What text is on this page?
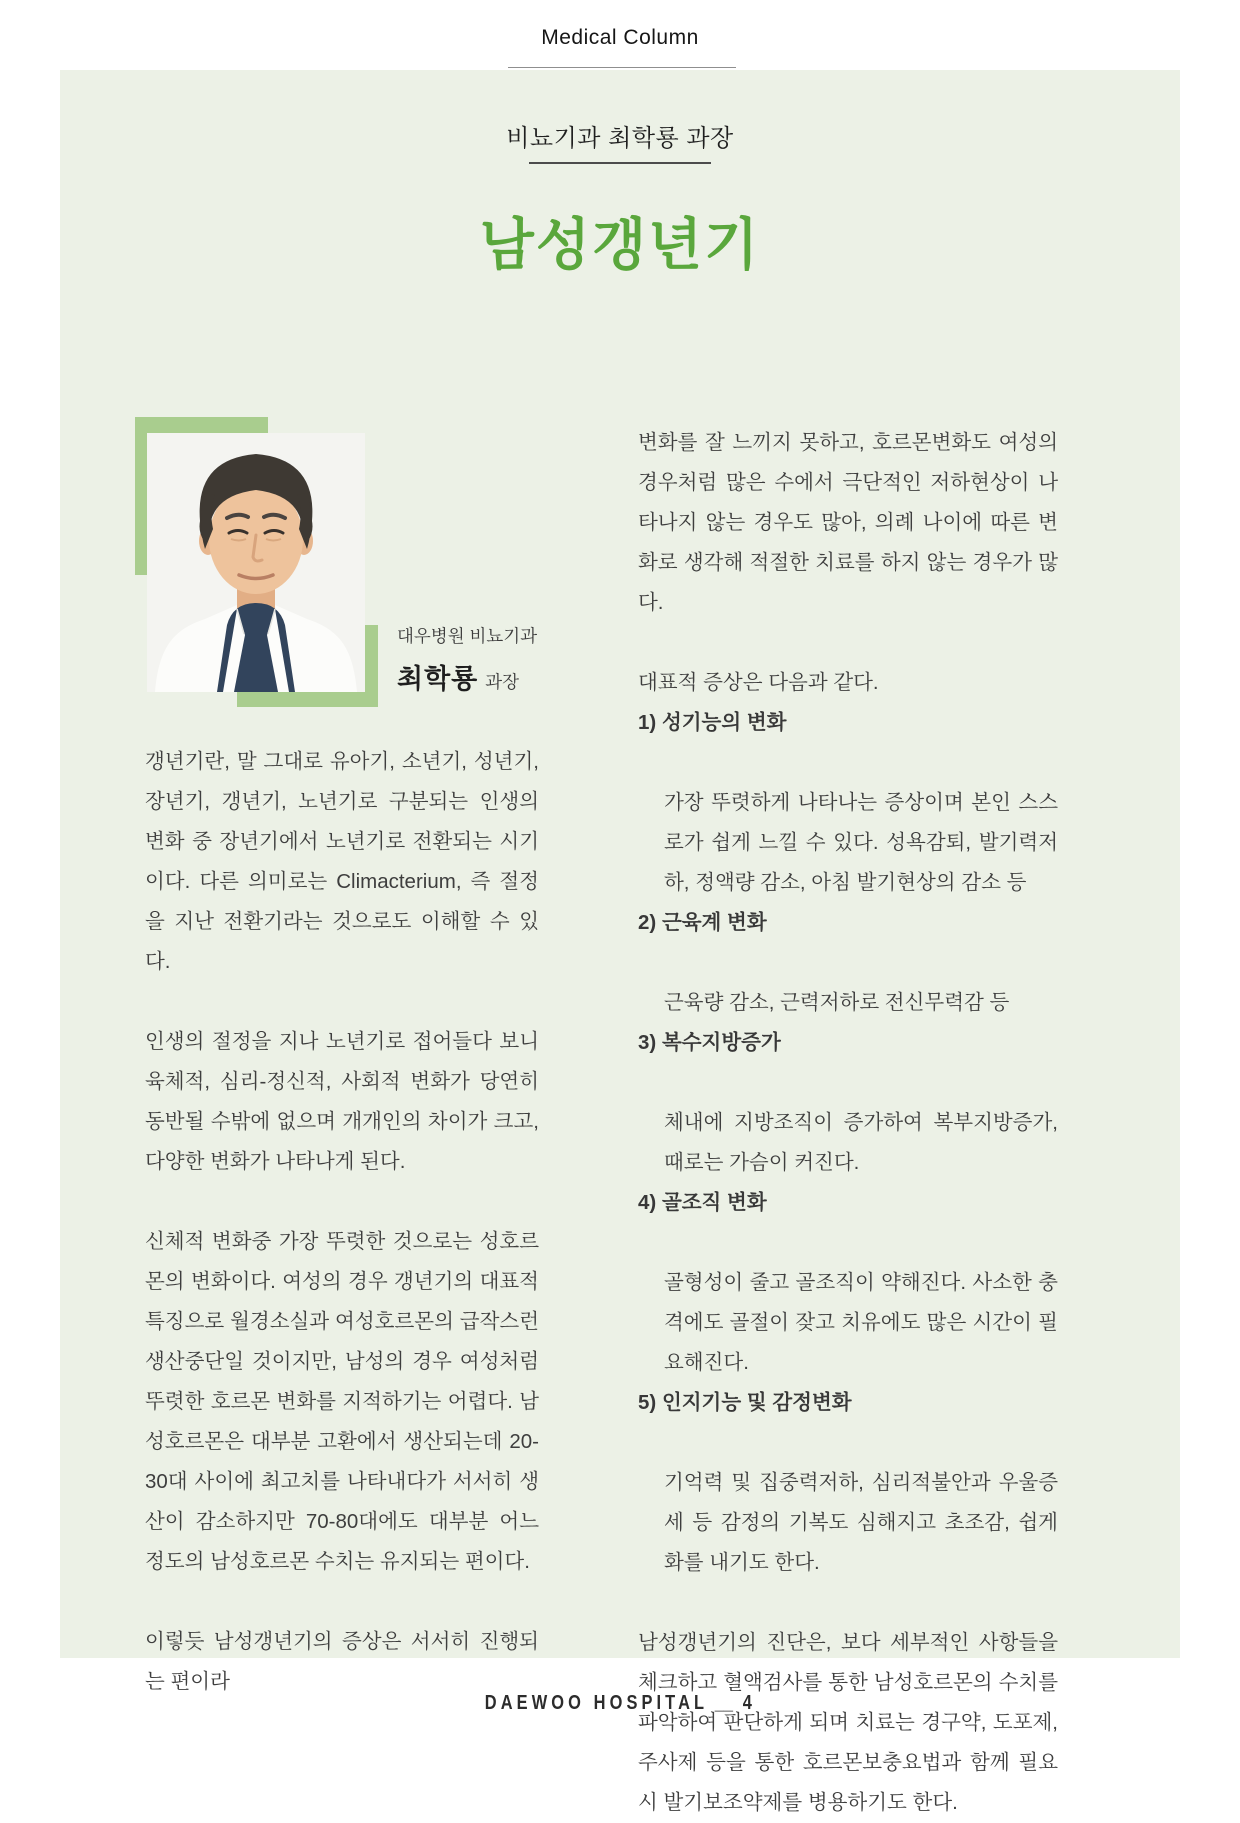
Medical Column
비뇨기과 최학룡 과장
남성갱년기

대우병원 비뇨기과

최학룡 과장

갱년기란, 말 그대로 유아기, 소년기, 성년기, 장년기, 갱년기, 노년기로 구분되는 인생의 변화 중 장년기에서 노년기로 전환되는 시기이다. 다른 의미로는 Climacterium, 즉 절정을 지난 전환기라는 것으로도 이해할 수 있다.

인생의 절정을 지나 노년기로 접어들다 보니 육체적, 심리-정신적, 사회적 변화가 당연히 동반될 수밖에 없으며 개개인의 차이가 크고, 다양한 변화가 나타나게 된다.

신체적 변화중 가장 뚜렷한 것으로는 성호르몬의 변화이다. 여성의 경우 갱년기의 대표적 특징으로 월경소실과 여성호르몬의 급작스런 생산중단일 것이지만, 남성의 경우 여성처럼 뚜렷한 호르몬 변화를 지적하기는 어렵다. 남성호르몬은 대부분 고환에서 생산되는데 20-30대 사이에 최고치를 나타내다가 서서히 생산이 감소하지만 70-80대에도 대부분 어느 정도의 남성호르몬 수치는 유지되는 편이다.

이렇듯 남성갱년기의 증상은 서서히 진행되는 편이라

변화를 잘 느끼지 못하고, 호르몬변화도 여성의 경우처럼 많은 수에서 극단적인 저하현상이 나타나지 않는 경우도 많아, 의례 나이에 따른 변화로 생각해 적절한 치료를 하지 않는 경우가 많다.

대표적 증상은 다음과 같다.

1) 성기능의 변화

가장 뚜렷하게 나타나는 증상이며 본인 스스로가 쉽게 느낄 수 있다. 성욕감퇴, 발기력저하, 정액량 감소, 아침 발기현상의 감소 등

2) 근육계 변화

근육량 감소, 근력저하로 전신무력감 등

3) 복수지방증가

체내에 지방조직이 증가하여 복부지방증가, 때로는 가슴이 커진다.

4) 골조직 변화

골형성이 줄고 골조직이 약해진다. 사소한 충격에도 골절이 잦고 치유에도 많은 시간이 필요해진다.

5) 인지기능 및 감정변화

기억력 및 집중력저하, 심리적불안과 우울증세 등 감정의 기복도 심해지고 초조감, 쉽게 화를 내기도 한다.

남성갱년기의 진단은, 보다 세부적인 사항들을 체크하고 혈액검사를 통한 남성호르몬의 수치를 파악하여 판단하게 되며 치료는 경구약, 도포제, 주사제 등을 통한 호르몬보충요법과 함께 필요시 발기보조약제를 병용하기도 한다.

DAEWOO HOSPITAL __ 4
